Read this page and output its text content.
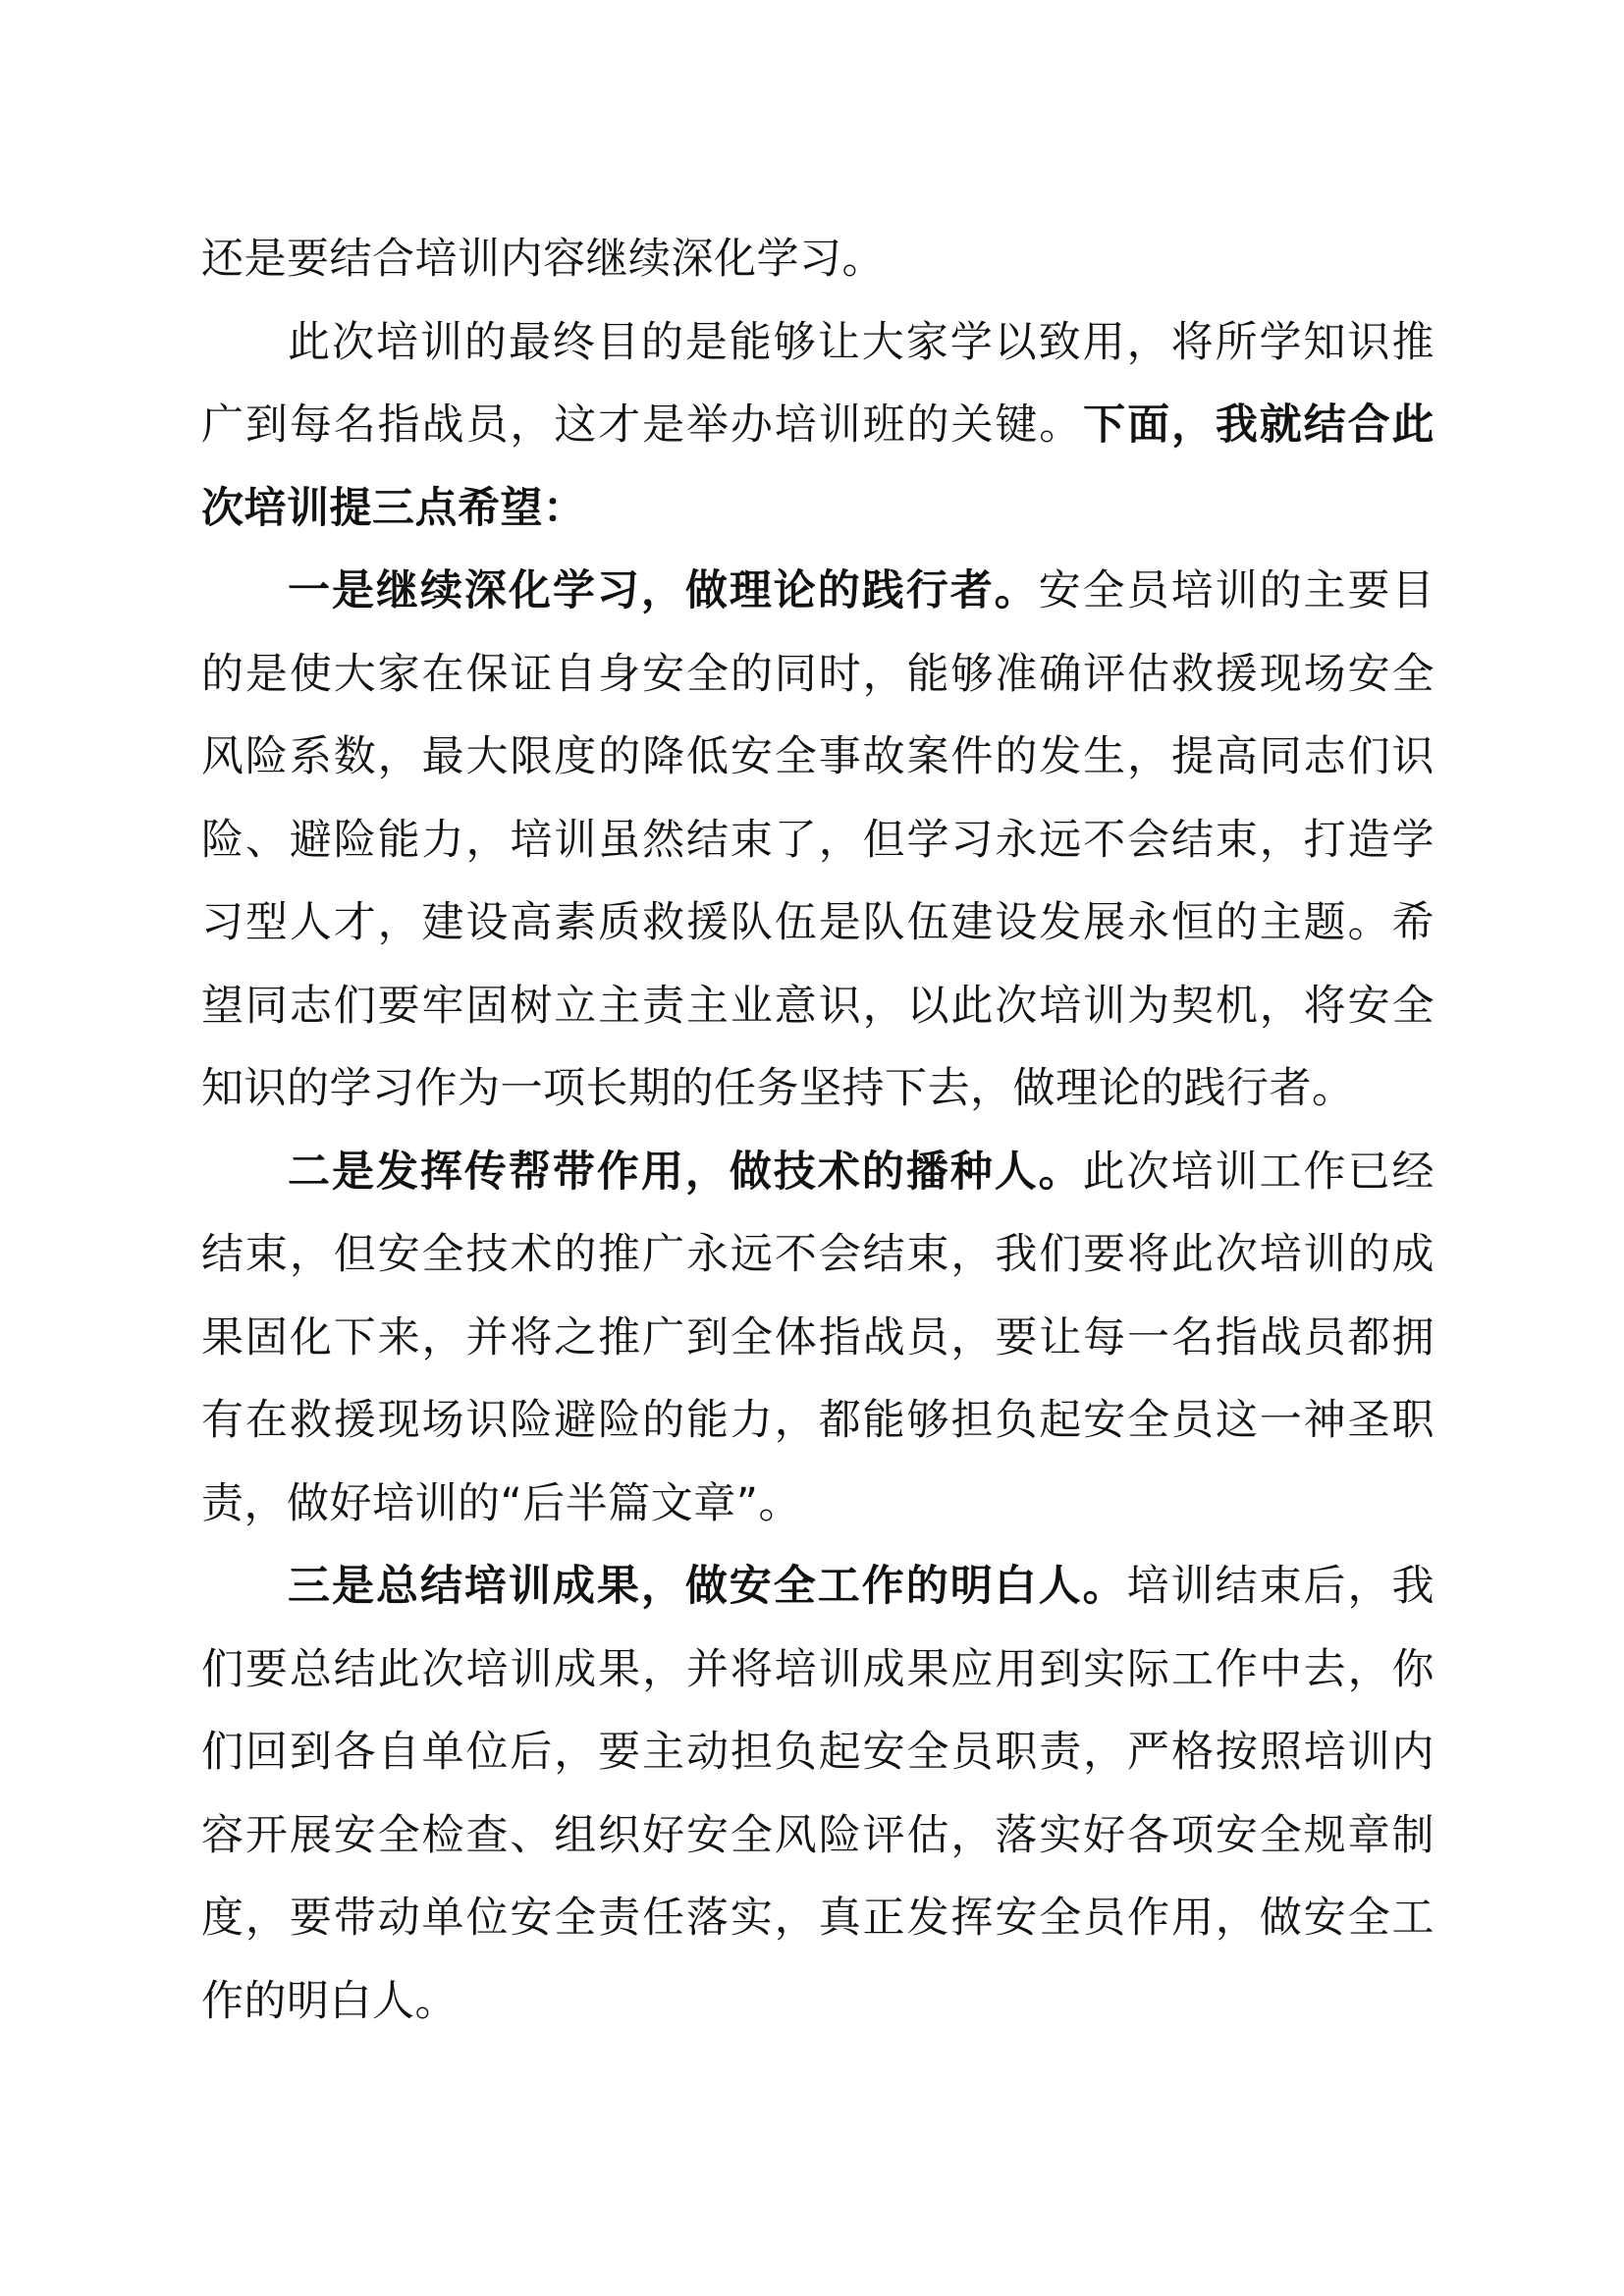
还是要结合培训内容继续深化学习。

此次培训的最终目的是能够让大家学以致用，将所学知识推广到每名指战员，这才是举办培训班的关键。下面，我就结合此次培训提三点希望：

一是继续深化学习，做理论的践行者。安全员培训的主要目的是使大家在保证自身安全的同时，能够准确评估救援现场安全风险系数，最大限度的降低安全事故案件的发生，提高同志们识险、避险能力，培训虽然结束了，但学习永远不会结束，打造学习型人才，建设高素质救援队伍是队伍建设发展永恒的主题。希望同志们要牢固树立主责主业意识，以此次培训为契机，将安全知识的学习作为一项长期的任务坚持下去，做理论的践行者。

二是发挥传帮带作用，做技术的播种人。此次培训工作已经结束，但安全技术的推广永远不会结束，我们要将此次培训的成果固化下来，并将之推广到全体指战员，要让每一名指战员都拥有在救援现场识险避险的能力，都能够担负起安全员这一神圣职责，做好培训的“后半篇文章”。

三是总结培训成果，做安全工作的明白人。培训结束后，我们要总结此次培训成果，并将培训成果应用到实际工作中去，你们回到各自单位后，要主动担负起安全员职责，严格按照培训内容开展安全检查、组织好安全风险评估，落实好各项安全规章制度，要带动单位安全责任落实，真正发挥安全员作用，做安全工作的明白人。
